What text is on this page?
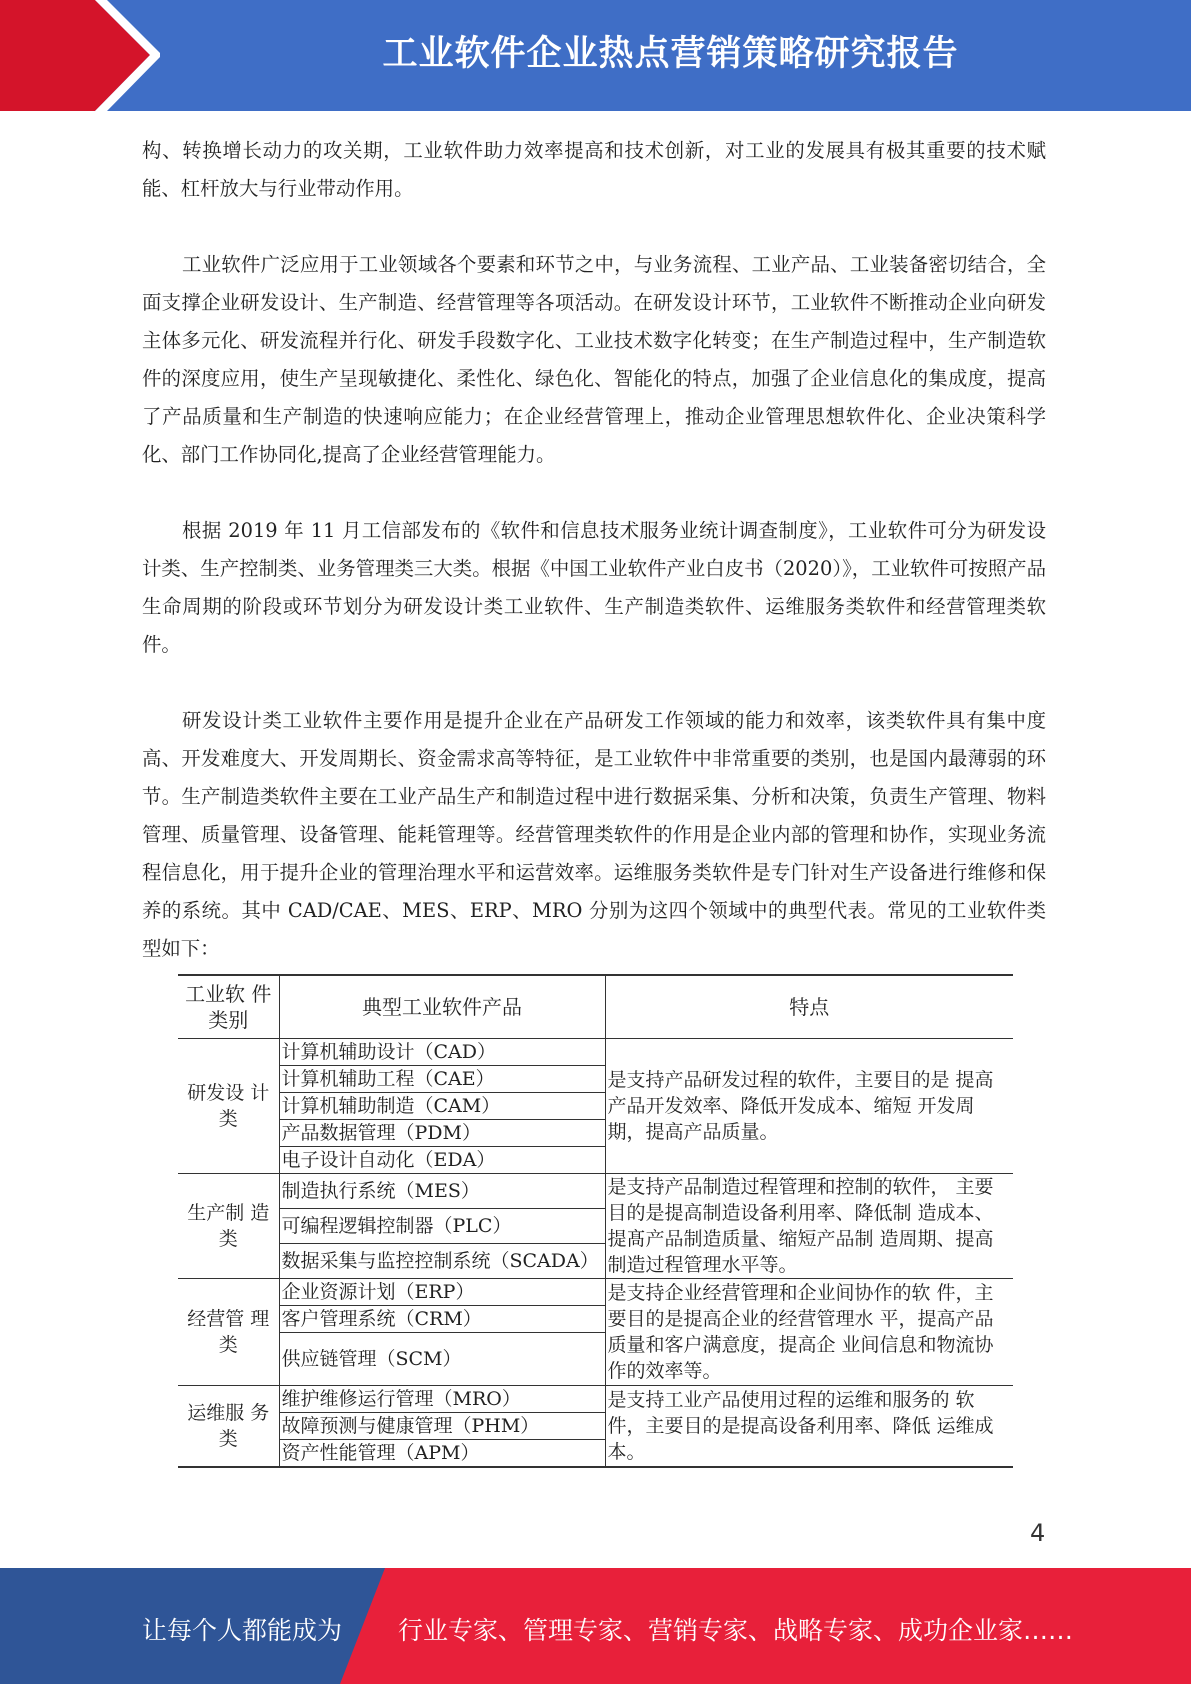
工业软件企业热点营销策略研究报告

构、转换增长动力的攻关期，工业软件助力效率提高和技术创新，对工业的发展具有极其重要的技术赋能、杠杆放大与行业带动作用。

工业软件广泛应用于工业领域各个要素和环节之中，与业务流程、工业产品、工业装备密切结合，全面支撑企业研发设计、生产制造、经营管理等各项活动。在研发设计环节，工业软件不断推动企业向研发主体多元化、研发流程并行化、研发手段数字化、工业技术数字化转变；在生产制造过程中，生产制造软件的深度应用，使生产呈现敏捷化、柔性化、绿色化、智能化的特点，加强了企业信息化的集成度，提高了产品质量和生产制造的快速响应能力；在企业经营管理上，推动企业管理思想软件化、企业决策科学化、部门工作协同化,提高了企业经营管理能力。

根据 2019 年 11 月工信部发布的《软件和信息技术服务业统计调查制度》，工业软件可分为研发设计类、生产控制类、业务管理类三大类。根据《中国工业软件产业白皮书（2020）》，工业软件可按照产品生命周期的阶段或环节划分为研发设计类工业软件、生产制造类软件、运维服务类软件和经营管理类软件。

研发设计类工业软件主要作用是提升企业在产品研发工作领域的能力和效率，该类软件具有集中度高、开发难度大、开发周期长、资金需求高等特征，是工业软件中非常重要的类别，也是国内最薄弱的环节。生产制造类软件主要在工业产品生产和制造过程中进行数据采集、分析和决策，负责生产管理、物料管理、质量管理、设备管理、能耗管理等。经营管理类软件的作用是企业内部的管理和协作，实现业务流程信息化，用于提升企业的管理治理水平和运营效率。运维服务类软件是专门针对生产设备进行维修和保养的系统。其中 CAD/CAE、MES、ERP、MRO 分别为这四个领域中的典型代表。常见的工业软件类型如下：

工业软 件类别	典型工业软件产品	特点
研发设 计类	计算机辅助设计（CAD）	是支持产品研发过程的软件，主要目的是 提高产品开发效率、降低开发成本、缩短 开发周期，提高产品质量。
	计算机辅助工程（CAE）	
	计算机辅助制造（CAM）	
	产品数据管理（PDM）	
	电子设计自动化（EDA）	
生产制 造类	制造执行系统（MES）	是支持产品制造过程管理和控制的软件， 主要目的是提高制造设备利用率、降低制 造成本、提髙产品制造质量、缩短产品制 造周期、提高制造过程管理水平等。
	可编程逻辑控制器（PLC）	
	数据采集与监控控制系统（SCADA）	
经营管 理类	企业资源计划（ERP）	是支持企业经营管理和企业间协作的软 件，主要目的是提高企业的经营管理水 平，提高产品质量和客户满意度，提高企 业间信息和物流协作的效率等。
	客户管理系统（CRM）	
	供应链管理（SCM）	
运维服 务类	维护维修运行管理（MRO）	是支持工业产品使用过程的运维和服务的 软件，主要目的是提高设备利用率、降低 运维成本。
	故障预测与健康管理（PHM）	
	资产性能管理（APM）	
4
让每个人都能成为 行业专家、管理专家、营销专家、战略专家、成功企业家……
